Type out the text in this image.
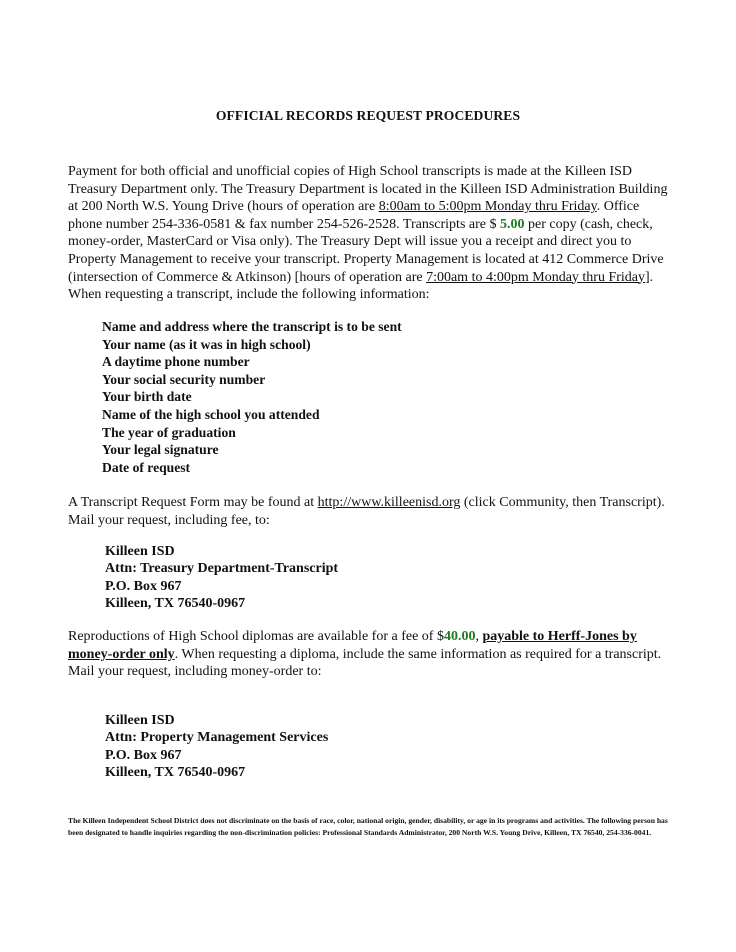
OFFICIAL RECORDS REQUEST PROCEDURES
Payment for both official and unofficial copies of High School transcripts is made at the Killeen ISD Treasury Department only. The Treasury Department is located in the Killeen ISD Administration Building at 200 North W.S. Young Drive (hours of operation are 8:00am to 5:00pm Monday thru Friday. Office phone number 254-336-0581 & fax number 254-526-2528. Transcripts are $ 5.00 per copy (cash, check, money-order, MasterCard or Visa only). The Treasury Dept will issue you a receipt and direct you to Property Management to receive your transcript. Property Management is located at 412 Commerce Drive (intersection of Commerce & Atkinson) [hours of operation are 7:00am to 4:00pm Monday thru Friday]. When requesting a transcript, include the following information:
Name and address where the transcript is to be sent
Your name (as it was in high school)
A daytime phone number
Your social security number
Your birth date
Name of the high school you attended
The year of graduation
Your legal signature
Date of request
A Transcript Request Form may be found at http://www.killeenisd.org (click Community, then Transcript). Mail your request, including fee, to:
Killeen ISD
Attn: Treasury Department-Transcript
P.O. Box 967
Killeen, TX 76540-0967
Reproductions of High School diplomas are available for a fee of $40.00, payable to Herff-Jones by money-order only. When requesting a diploma, include the same information as required for a transcript. Mail your request, including money-order to:
Killeen ISD
Attn: Property Management Services
P.O. Box 967
Killeen, TX 76540-0967
The Killeen Independent School District does not discriminate on the basis of race, color, national origin, gender, disability, or age in its programs and activities. The following person has been designated to handle inquiries regarding the non-discrimination policies: Professional Standards Administrator, 200 North W.S. Young Drive, Killeen, TX 76540, 254-336-0041.
